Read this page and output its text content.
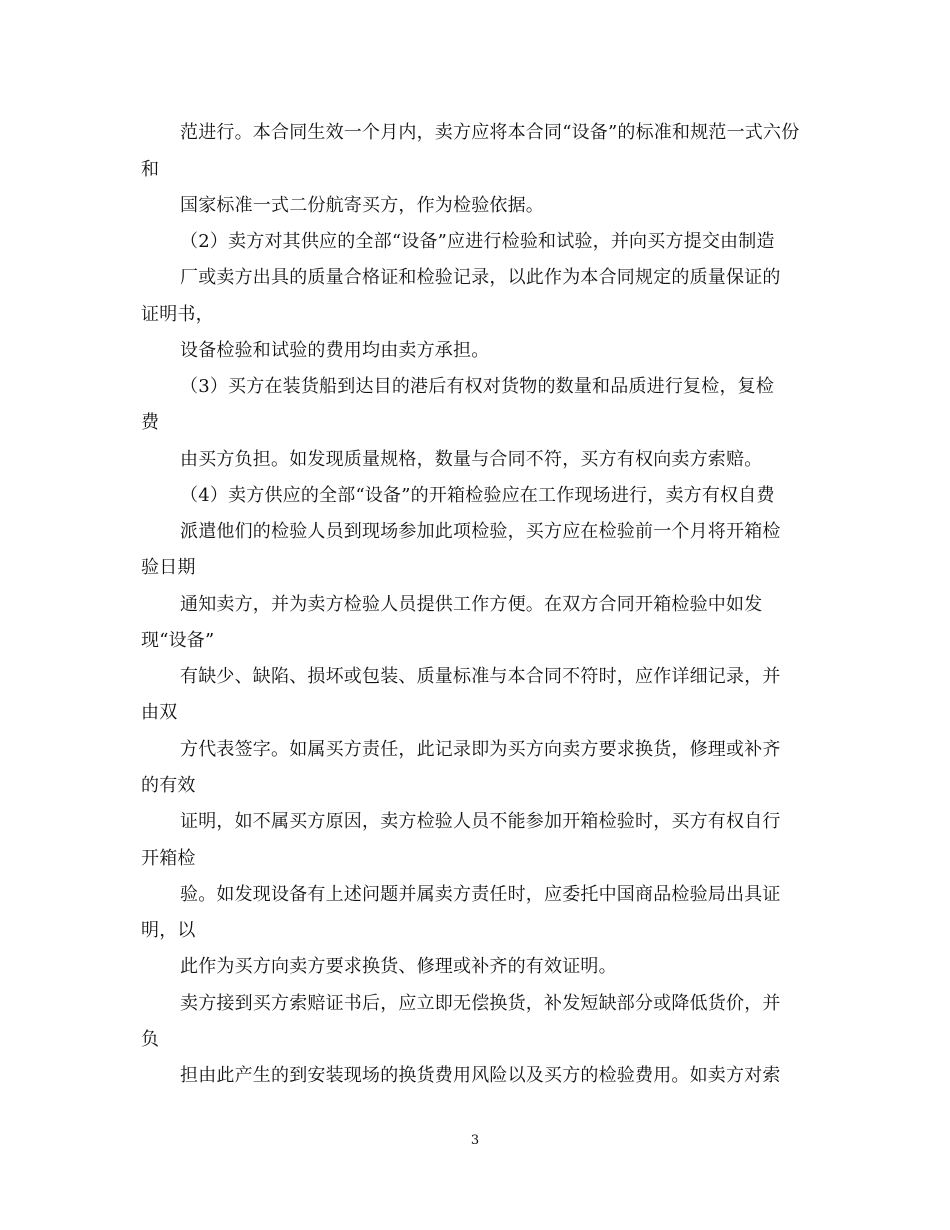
范进行。本合同生效一个月内，卖方应将本合同“设备”的标准和规范一式六份
和
国家标准一式二份航寄买方，作为检验依据。
（2）卖方对其供应的全部“设备”应进行检验和试验，并向买方提交由制造
厂或卖方出具的质量合格证和检验记录，以此作为本合同规定的质量保证的
证明书，
设备检验和试验的费用均由卖方承担。
（3）买方在装货船到达目的港后有权对货物的数量和品质进行复检，复检
费
由买方负担。如发现质量规格，数量与合同不符，买方有权向卖方索赔。
（4）卖方供应的全部“设备”的开箱检验应在工作现场进行，卖方有权自费
派遣他们的检验人员到现场参加此项检验，买方应在检验前一个月将开箱检
验日期
通知卖方，并为卖方检验人员提供工作方便。在双方合同开箱检验中如发
现“设备”
有缺少、缺陷、损坏或包装、质量标准与本合同不符时，应作详细记录，并
由双
方代表签字。如属买方责任，此记录即为买方向卖方要求换货，修理或补齐
的有效
证明，如不属买方原因，卖方检验人员不能参加开箱检验时，买方有权自行
开箱检
验。如发现设备有上述问题并属卖方责任时，应委托中国商品检验局出具证
明，以
此作为买方向卖方要求换货、修理或补齐的有效证明。
卖方接到买方索赔证书后，应立即无偿换货，补发短缺部分或降低货价，并
负
担由此产生的到安装现场的换货费用风险以及买方的检验费用。如卖方对索
3
